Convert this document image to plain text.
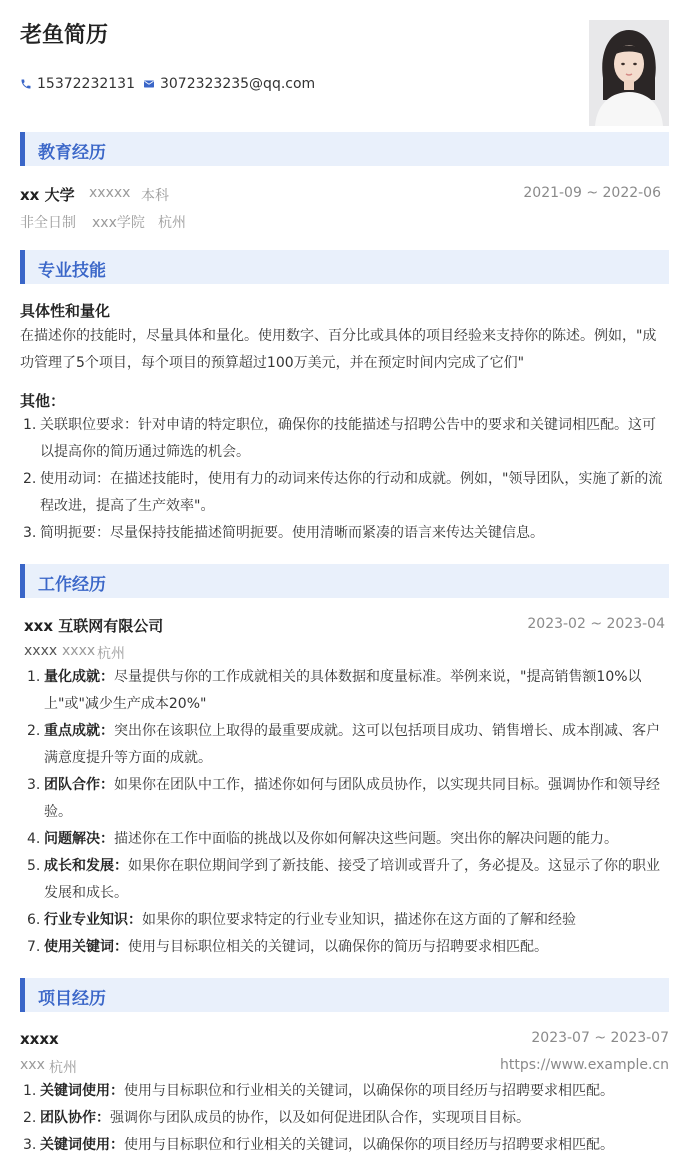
老鱼简历
15372232131 3072323235@qq.com
教育经历
xx 大学 xxxxx 本科	2021-09 ~ 2022-06
非全日制 xxx学院 杭州
专业技能
具体性和量化
在描述你的技能时，尽量具体和量化。使用数字、百分比或具体的项目经验来支持你的陈述。例如，"成
功管理了5个项目，每个项目的预算超过100万美元，并在预定时间内完成了它们"
其他：
1. 关联职位要求：针对申请的特定职位，确保你的技能描述与招聘公告中的要求和关键词相匹配。这可
以提高你的简历通过筛选的机会。
2. 使用动词：在描述技能时，使用有力的动词来传达你的行动和成就。例如，"领导团队，实施了新的流
程改进，提高了生产效率"。
3. 简明扼要：尽量保持技能描述简明扼要。使用清晰而紧凑的语言来传达关键信息。
工作经历
xxx 互联网有限公司	2023-02 ~ 2023-04
xxxx xxxx 杭州
1. 量化成就：尽量提供与你的工作成就相关的具体数据和度量标准。举例来说，"提高销售额10%以
上"或"减少生产成本20%"
2. 重点成就：突出你在该职位上取得的最重要成就。这可以包括项目成功、销售增长、成本削减、客户
满意度提升等方面的成就。
3. 团队合作：如果你在团队中工作，描述你如何与团队成员协作，以实现共同目标。强调协作和领导经
验。
4. 问题解决：描述你在工作中面临的挑战以及你如何解决这些问题。突出你的解决问题的能力。
5. 成长和发展：如果你在职位期间学到了新技能、接受了培训或晋升了，务必提及。这显示了你的职业
发展和成长。
6. 行业专业知识：如果你的职位要求特定的行业专业知识，描述你在这方面的了解和经验
7. 使用关键词：使用与目标职位相关的关键词，以确保你的简历与招聘要求相匹配。
项目经历
xxxx	2023-07 ~ 2023-07
xxx 杭州	https://www.example.cn
1. 关键词使用：使用与目标职位和行业相关的关键词，以确保你的项目经历与招聘要求相匹配。
2. 团队协作：强调你与团队成员的协作，以及如何促进团队合作，实现项目目标。
3. 关键词使用：使用与目标职位和行业相关的关键词，以确保你的项目经历与招聘要求相匹配。
